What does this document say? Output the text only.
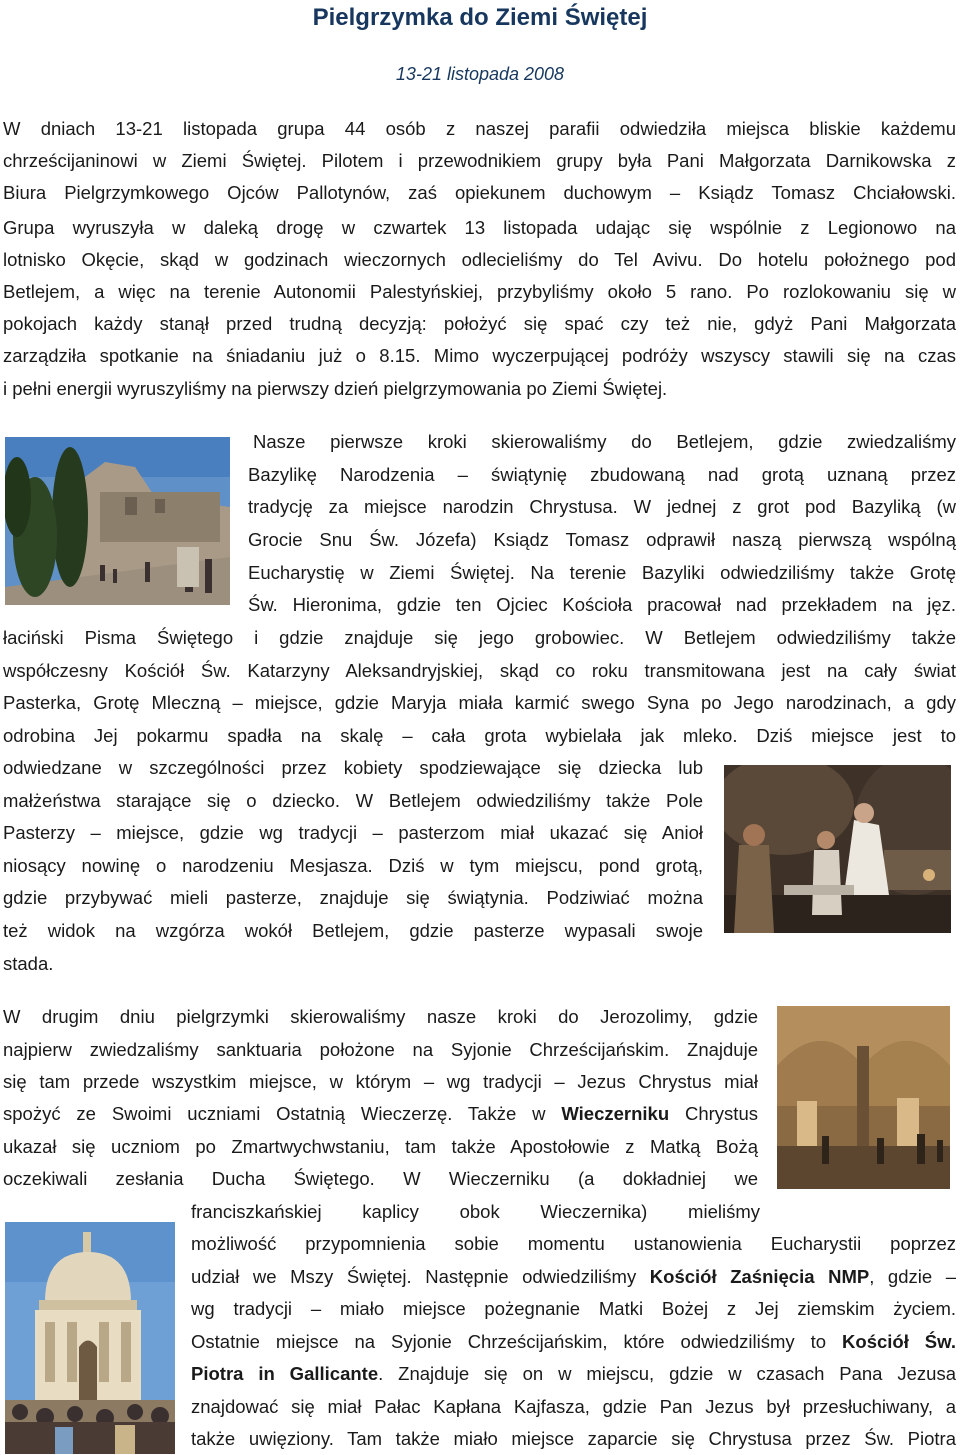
Pielgrzymka do Ziemi Świętej
13-21 listopada 2008
W dniach 13-21 listopada grupa 44 osób z naszej parafii odwiedziła miejsca bliskie każdemu
chrześcijaninowi w Ziemi Świętej. Pilotem i przewodnikiem grupy była Pani Małgorzata Darnikowska z
Biura Pielgrzymkowego Ojców Pallotynów, zaś opiekunem duchowym – Ksiądz Tomasz Chciałowski.
Grupa wyruszyła w daleką drogę w czwartek 13 listopada udając się wspólnie z Legionowo na
lotnisko Okęcie, skąd w godzinach wieczornych odlecieliśmy do Tel Avivu. Do hotelu położnego pod
Betlejem, a więc na terenie Autonomii Palestyńskiej, przybyliśmy około 5 rano. Po rozlokowaniu się w
pokojach każdy stanął przed trudną decyzją: położyć się spać czy też nie, gdyż Pani Małgorzata
zarządziła spotkanie na śniadaniu już o 8.15. Mimo wyczerpującej podróży wszyscy stawili się na czas
i pełni energii wyruszyliśmy na pierwszy dzień pielgrzymowania po Ziemi Świętej.
Nasze pierwsze kroki skierowaliśmy do Betlejem, gdzie zwiedzaliśmy
Bazylikę Narodzenia – świątynię zbudowaną nad grotą uznaną przez
tradycję za miejsce narodzin Chrystusa. W jednej z grot pod Bazyliką (w
Grocie Snu Św. Józefa) Ksiądz Tomasz odprawił naszą pierwszą wspólną
Eucharystię w Ziemi Świętej. Na terenie Bazyliki odwiedziliśmy także Grotę
Św. Hieronima, gdzie ten Ojciec Kościoła pracował nad przekładem na jęz.
łaciński Pisma Świętego i gdzie znajduje się jego grobowiec. W Betlejem odwiedziliśmy także
współczesny Kościół Św. Katarzyny Aleksandryjskiej, skąd co roku transmitowana jest na cały świat
Pasterka, Grotę Mleczną – miejsce, gdzie Maryja miała karmić swego Syna po Jego narodzinach, a gdy
odrobina Jej pokarmu spadła na skalę – cała grota wybielała jak mleko. Dziś miejsce jest to
odwiedzane w szczególności przez kobiety spodziewające się dziecka lub
małżeństwa starające się o dziecko. W Betlejem odwiedziliśmy także Pole
Pasterzy – miejsce, gdzie wg tradycji – pasterzom miał ukazać się Anioł
niosący nowinę o narodzeniu Mesjasza. Dziś w tym miejscu, pond grotą,
gdzie przybywać mieli pasterze, znajduje się świątynia. Podziwiać można
też widok na wzgórza wokół Betlejem, gdzie pasterze wypasali swoje
stada.
W drugim dniu pielgrzymki skierowaliśmy nasze kroki do Jerozolimy, gdzie
najpierw zwiedzaliśmy sanktuaria położone na Syjonie Chrześcijańskim. Znajduje
się tam przede wszystkim miejsce, w którym – wg tradycji – Jezus Chrystus miał
spożyć ze Swoimi uczniami Ostatnią Wieczerzę. Także w Wieczerniku Chrystus
ukazał się uczniom po Zmartwychwstaniu, tam także Apostołowie z Matką Bożą
oczekiwali zesłania Ducha Świętego. W Wieczerniku (a dokładniej we
franciszkańskiej kaplicy obok Wieczernika) mieliśmy
możliwość przypomnienia sobie momentu ustanowienia Eucharystii poprzez
udział we Mszy Świętej. Następnie odwiedziliśmy Kościół Zaśnięcia NMP, gdzie –
wg tradycji – miało miejsce pożegnanie Matki Bożej z Jej ziemskim życiem.
Ostatnie miejsce na Syjonie Chrześcijańskim, które odwiedziliśmy to Kościół Św.
Piotra in Gallicante. Znajduje się on w miejscu, gdzie w czasach Pana Jezusa
znajdować się miał Pałac Kapłana Kajfasza, gdzie Pan Jezus był przesłuchiwany, a
także uwięziony. Tam także miało miejsce zaparcie się Chrystusa przez Św. Piotra
